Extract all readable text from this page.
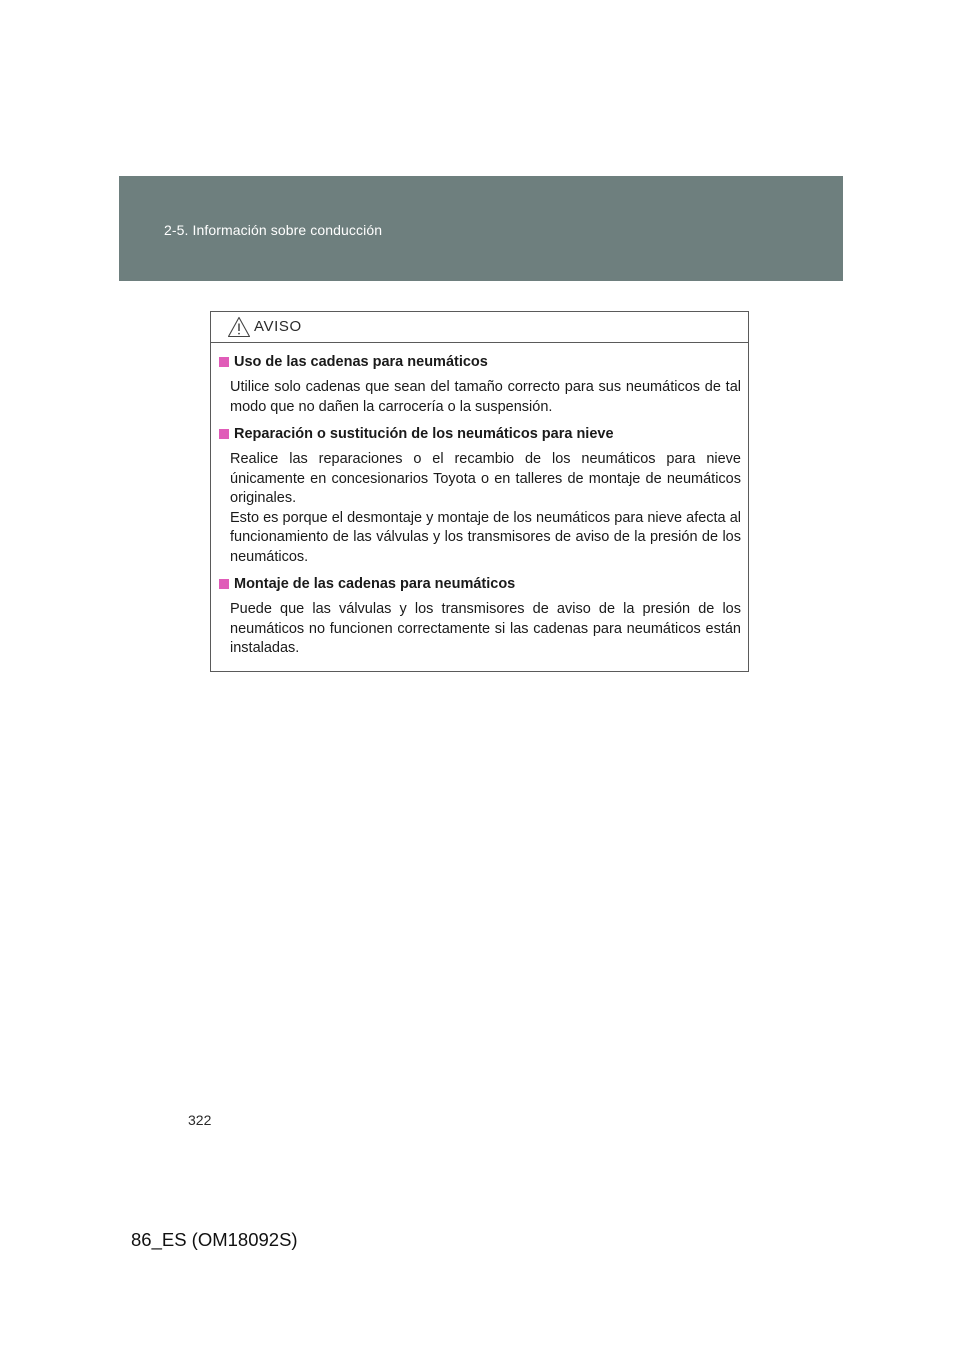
2-5. Información sobre conducción
AVISO
Uso de las cadenas para neumáticos

Utilice solo cadenas que sean del tamaño correcto para sus neumáticos de tal modo que no dañen la carrocería o la suspensión.

Reparación o sustitución de los neumáticos para nieve

Realice las reparaciones o el recambio de los neumáticos para nieve únicamente en concesionarios Toyota o en talleres de montaje de neumáticos originales.

Esto es porque el desmontaje y montaje de los neumáticos para nieve afecta al funcionamiento de las válvulas y los transmisores de aviso de la presión de los neumáticos.

Montaje de las cadenas para neumáticos

Puede que las válvulas y los transmisores de aviso de la presión de los neumáticos no funcionen correctamente si las cadenas para neumáticos están instaladas.

322
86_ES (OM18092S)
